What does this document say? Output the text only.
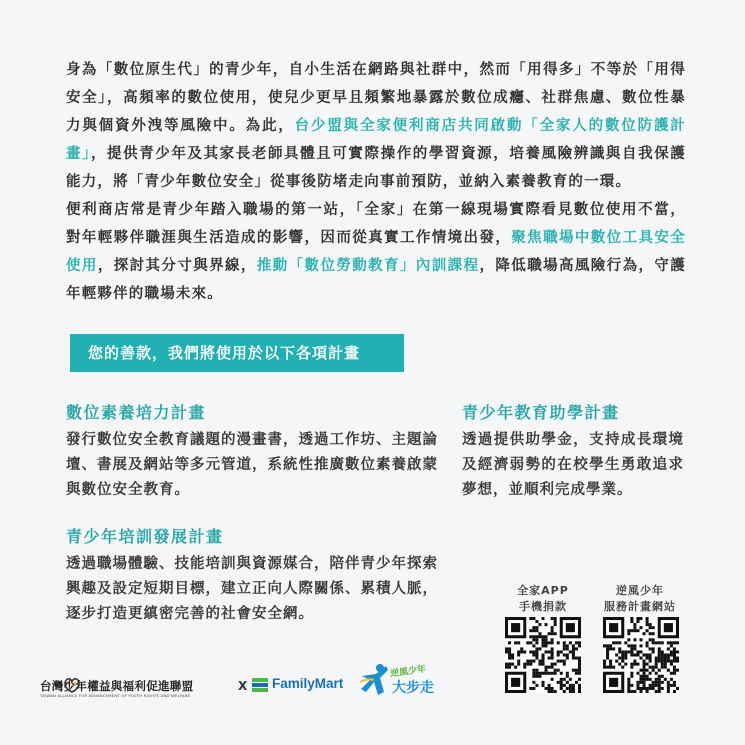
身為「數位原生代」的青少年，自小生活在網路與社群中，然而「用得多」不等於「用得安全」，高頻率的數位使用，使兒少更早且頻繁地暴露於數位成癮、社群焦慮、數位性暴力與個資外洩等風險中。為此，台少盟與全家便利商店共同啟動「全家人的數位防護計畫」，提供青少年及其家長老師具體且可實際操作的學習資源，培養風險辨識與自我保護能力，將「青少年數位安全」從事後防堵走向事前預防，並納入素養教育的一環。
便利商店常是青少年踏入職場的第一站，「全家」在第一線現場實際看見數位使用不當，對年輕夥伴職涯與生活造成的影響，因而從真實工作情境出發，聚焦職場中數位工具安全使用，探討其分寸與界線，推動「數位勞動教育」內訓課程，降低職場高風險行為，守護年輕夥伴的職場未來。
您的善款，我們將使用於以下各項計畫
數位素養培力計畫
發行數位安全教育議題的漫畫書，透過工作坊、主題論壇、書展及網站等多元管道，系統性推廣數位素養啟蒙與數位安全教育。
青少年培訓發展計畫
透過職場體驗、技能培訓與資源媒合，陪伴青少年探索興趣及設定短期目標，建立正向人際關係、累積人脈，逐步打造更縝密完善的社會安全網。
青少年教育助學計畫
透過提供助學金，支持成長環境及經濟弱勢的在校學生勇敢追求夢想，並順利完成學業。
全家APP
手機捐款
逆風少年
服務計畫網站
台灣少年權益與福利促進聯盟
TAIWAN ALLIANCE FOR ADVANCEMENT OF YOUTH RIGHTS AND WELFARE
X FamilyMart
逆風少年
大步走
